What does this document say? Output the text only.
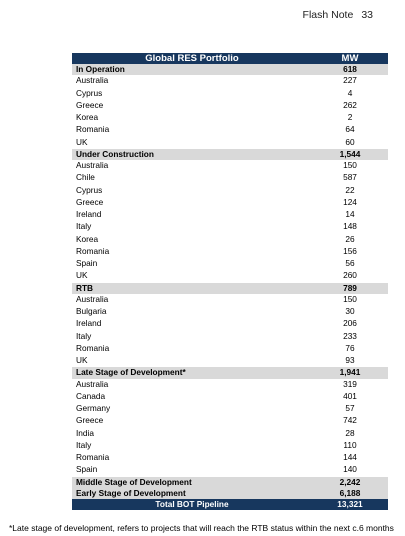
Flash Note 33
Global RES Portfolio	MW
In Operation	618
Australia	227
Cyprus	4
Greece	262
Korea	2
Romania	64
UK	60
Under Construction	1,544
Australia	150
Chile	587
Cyprus	22
Greece	124
Ireland	14
Italy	148
Korea	26
Romania	156
Spain	56
UK	260
RTB	789
Australia	150
Bulgaria	30
Ireland	206
Italy	233
Romania	76
UK	93
Late Stage of Development*	1,941
Australia	319
Canada	401
Germany	57
Greece	742
India	28
Italy	110
Romania	144
Spain	140
Middle Stage of Development	2,242
Early Stage of Development	6,188
Total BOT Pipeline	13,321
*Late stage of development, refers to projects that will reach the RTB status within the next c.6 months
